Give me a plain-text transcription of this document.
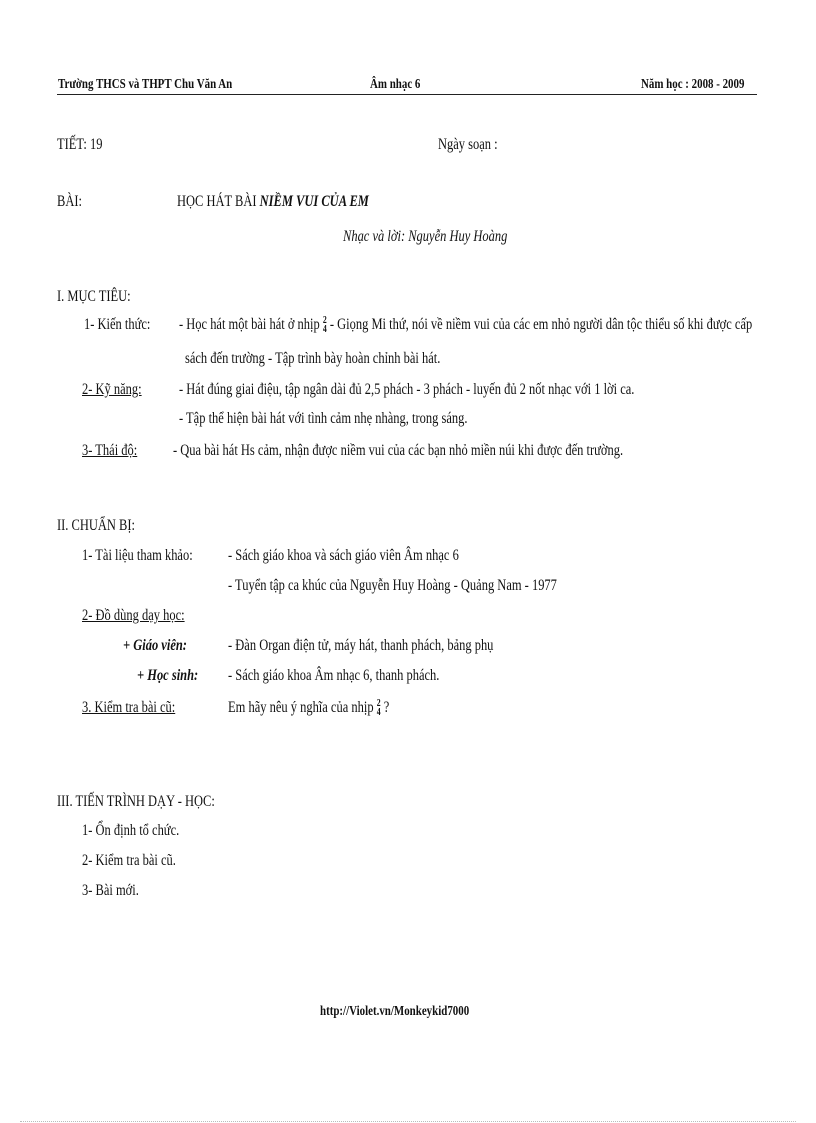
Trường THCS và THPT Chu Văn An	Âm nhạc 6	Năm học : 2008 - 2009
TIẾT: 19	Ngày soạn :
BÀI:	HỌC HÁT BÀI NIỀM VUI CỦA EM
Nhạc và lời: Nguyễn Huy Hoàng
I. MỤC TIÊU:
1- Kiến thức:	- Học hát một bài hát ở nhịp 2
4 - Giọng Mi thứ, nói về niềm vui của các em nhỏ người dân tộc thiểu số khi được cấp
sách đến trường - Tập trình bày hoàn chỉnh bài hát.
2- Kỹ năng:	- Hát đúng giai điệu, tập ngân dài đủ 2,5 phách - 3 phách - luyến đủ 2 nốt nhạc với 1 lời ca.
- Tập thể hiện bài hát với tình cảm nhẹ nhàng, trong sáng.
3- Thái độ:	- Qua bài hát Hs cảm, nhận được niềm vui của các bạn nhỏ miền núi khi được đến trường.
II. CHUẨN BỊ:
1- Tài liệu tham khảo:	- Sách giáo khoa và sách giáo viên Âm nhạc 6
- Tuyển tập ca khúc của Nguyễn Huy Hoàng - Quảng Nam - 1977
2- Đồ dùng dạy học:
+ Giáo viên:	- Đàn Organ điện tử, máy hát, thanh phách, bảng phụ
+ Học sinh:	- Sách giáo khoa Âm nhạc 6, thanh phách.
3. Kiểm tra bài cũ:	Em hãy nêu ý nghĩa của nhịp 2
4 ?
III. TIẾN TRÌNH DẠY - HỌC:
1- Ổn định tổ chức.
2- Kiểm tra bài cũ.
3- Bài mới.
http://Violet.vn/Monkeykid7000
